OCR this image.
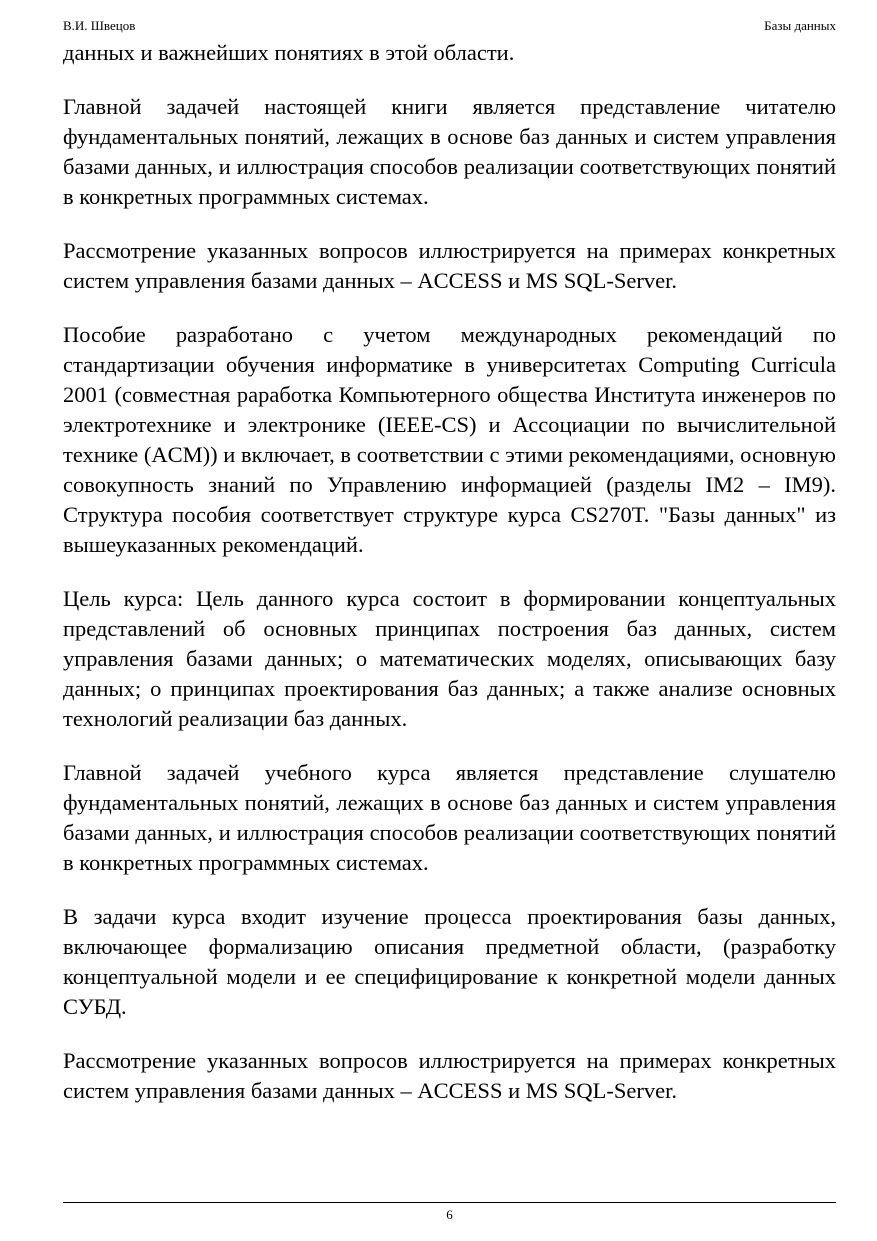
В.И. Швецов	Базы данных

данных и важнейших понятиях в этой области.

Главной задачей настоящей книги является представление читателю фундаментальных понятий, лежащих в основе баз данных и систем управления базами данных, и иллюстрация способов реализации соответствующих понятий в конкретных программных системах.

Рассмотрение указанных вопросов иллюстрируется на примерах конкретных систем управления базами данных – ACCESS и MS SQL-Server.

Пособие разработано с учетом международных рекомендаций по стандартизации обучения информатике в университетах Computing Curricula 2001 (совместная раработка Компьютерного общества Института инженеров по электротехнике и электронике (IEEE-CS) и Ассоциации по вычислительной технике (ACM)) и включает, в соответствии с этими рекомендациями, основную совокупность знаний по Управлению информацией (разделы IM2 – IM9). Структура пособия соответствует структуре курса CS270T. "Базы данных" из вышеуказанных рекомендаций.

Цель курса: Цель данного курса состоит в формировании концептуальных представлений об основных принципах построения баз данных, систем управления базами данных; о математических моделях, описывающих базу данных; о принципах проектирования баз данных; а также анализе основных технологий реализации баз данных.

Главной задачей учебного курса является представление слушателю фундаментальных понятий, лежащих в основе баз данных и систем управления базами данных, и иллюстрация способов реализации соответствующих понятий в конкретных программных системах.

В задачи курса входит изучение процесса проектирования базы данных, включающее формализацию описания предметной области, (разработку концептуальной модели и ее специфицирование к конкретной модели данных СУБД.

Рассмотрение указанных вопросов иллюстрируется на примерах конкретных систем управления базами данных – ACCESS и MS SQL-Server.

6
